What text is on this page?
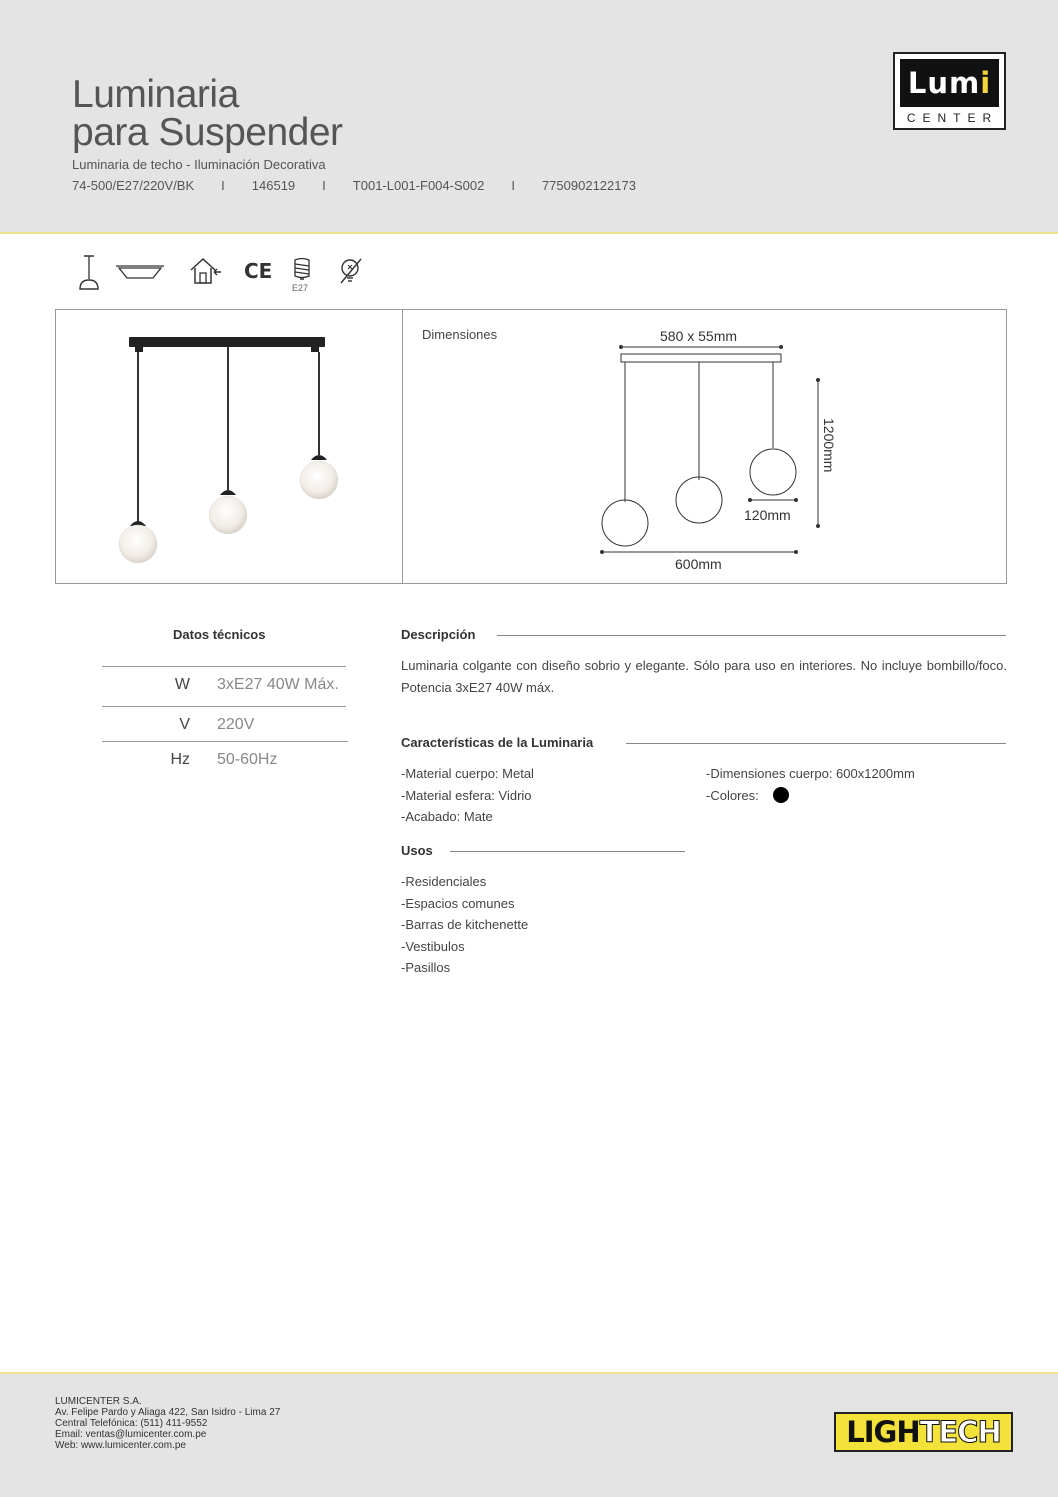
Luminaria
para Suspender
Luminaria de techo - Iluminación Decorativa
74-500/E27/220V/BK I 146519 I T001-L001-F004-S002 I 7750902122173
Lumi
CENTER
CE
E27
Dimensiones	580 x 55mm
1200mm
120mm
600mm
Datos técnicos
W 3xE27 40W Máx.
V 220V
Hz 50-60Hz
Descripción
Luminaria colgante con diseño sobrio y elegante. Sólo para uso en interiores. No incluye bombillo/foco. Potencia 3xE27 40W máx.
Características de la Luminaria
-Material cuerpo: Metal
-Material esfera: Vidrio
-Acabado: Mate
-Dimensiones cuerpo: 600x1200mm
-Colores:
Usos
-Residenciales
-Espacios comunes
-Barras de kitchenette
-Vestibulos
-Pasillos
LUMICENTER S.A.
Av. Felipe Pardo y Aliaga 422, San Isidro - Lima 27
Central Telefónica: (511) 411-9552
Email: ventas@lumicenter.com.pe
Web: www.lumicenter.com.pe	LIGHTECH
